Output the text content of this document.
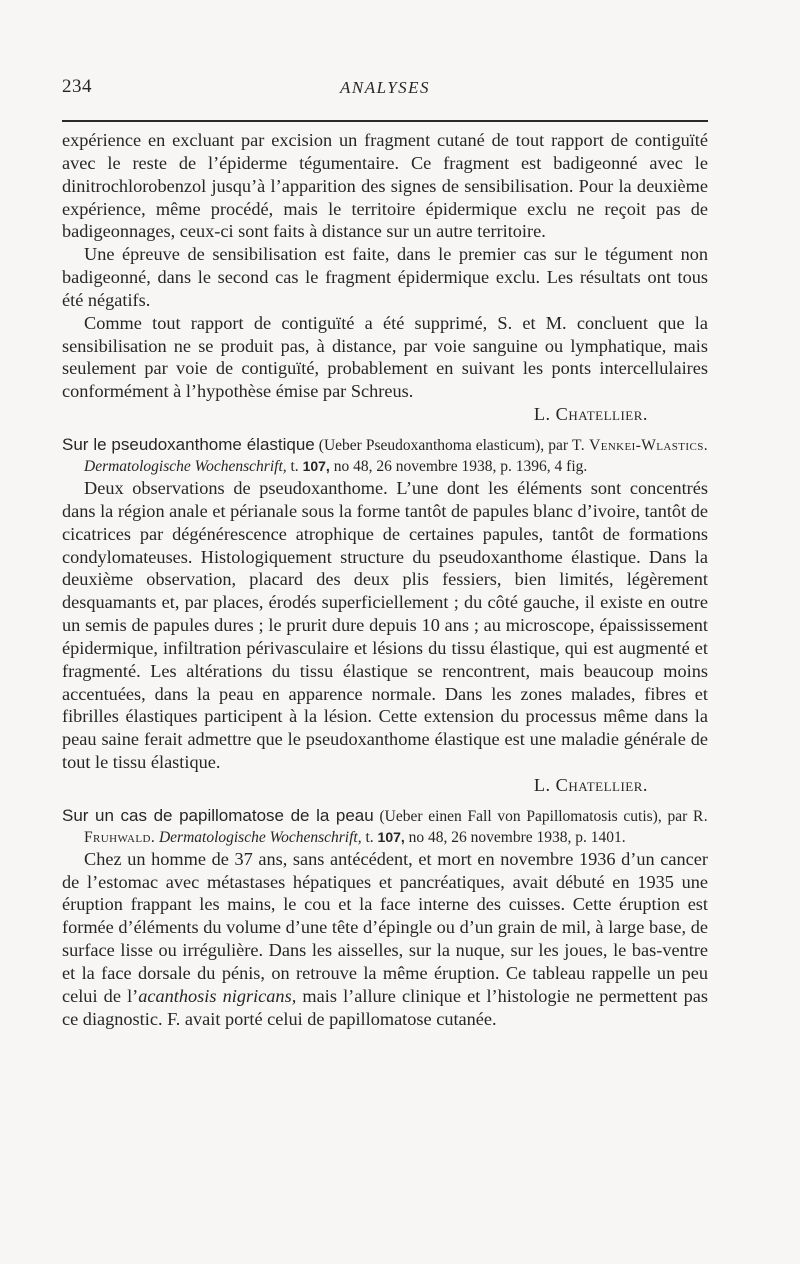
234	ANALYSES

expérience en excluant par excision un fragment cutané de tout rapport de contiguïté avec le reste de l’épiderme tégumentaire. Ce fragment est badigeonné avec le dinitrochlorobenzol jusqu’à l’apparition des signes de sensibilisation. Pour la deuxième expérience, même procédé, mais le territoire épidermique exclu ne reçoit pas de badigeonnages, ceux-ci sont faits à distance sur un autre territoire.

Une épreuve de sensibilisation est faite, dans le premier cas sur le tégument non badigeonné, dans le second cas le fragment épidermique exclu. Les résultats ont tous été négatifs.

Comme tout rapport de contiguïté a été supprimé, S. et M. concluent que la sensibilisation ne se produit pas, à distance, par voie sanguine ou lymphatique, mais seulement par voie de contiguïté, probablement en suivant les ponts intercellulaires conformément à l’hypothèse émise par Schreus.
L. Chatellier.

Sur le pseudoxanthome élastique (Ueber Pseudoxanthoma elasticum), par T. Venkei-Wlastics. Dermatologische Wochenschrift, t. 107, no 48, 26 novembre 1938, p. 1396, 4 fig.

Deux observations de pseudoxanthome. L’une dont les éléments sont concentrés dans la région anale et périanale sous la forme tantôt de papules blanc d’ivoire, tantôt de cicatrices par dégénérescence atrophique de certaines papules, tantôt de formations condylomateuses. Histologiquement structure du pseudoxanthome élastique. Dans la deuxième observation, placard des deux plis fessiers, bien limités, légèrement desquamants et, par places, érodés superficiellement ; du côté gauche, il existe en outre un semis de papules dures ; le prurit dure depuis 10 ans ; au microscope, épaississement épidermique, infiltration périvasculaire et lésions du tissu élastique, qui est augmenté et fragmenté. Les altérations du tissu élastique se rencontrent, mais beaucoup moins accentuées, dans la peau en apparence normale. Dans les zones malades, fibres et fibrilles élastiques participent à la lésion. Cette extension du processus même dans la peau saine ferait admettre que le pseudoxanthome élastique est une maladie générale de tout le tissu élastique.
L. Chatellier.

Sur un cas de papillomatose de la peau (Ueber einen Fall von Papillomatosis cutis), par R. Fruhwald. Dermatologische Wochenschrift, t. 107, no 48, 26 novembre 1938, p. 1401.

Chez un homme de 37 ans, sans antécédent, et mort en novembre 1936 d’un cancer de l’estomac avec métastases hépatiques et pancréatiques, avait débuté en 1935 une éruption frappant les mains, le cou et la face interne des cuisses. Cette éruption est formée d’éléments du volume d’une tête d’épingle ou d’un grain de mil, à large base, de surface lisse ou irrégulière. Dans les aisselles, sur la nuque, sur les joues, le bas-ventre et la face dorsale du pénis, on retrouve la même éruption. Ce tableau rappelle un peu celui de l’acanthosis nigricans, mais l’allure clinique et l’histologie ne permettent pas ce diagnostic. F. avait porté celui de papillomatose cutanée.
